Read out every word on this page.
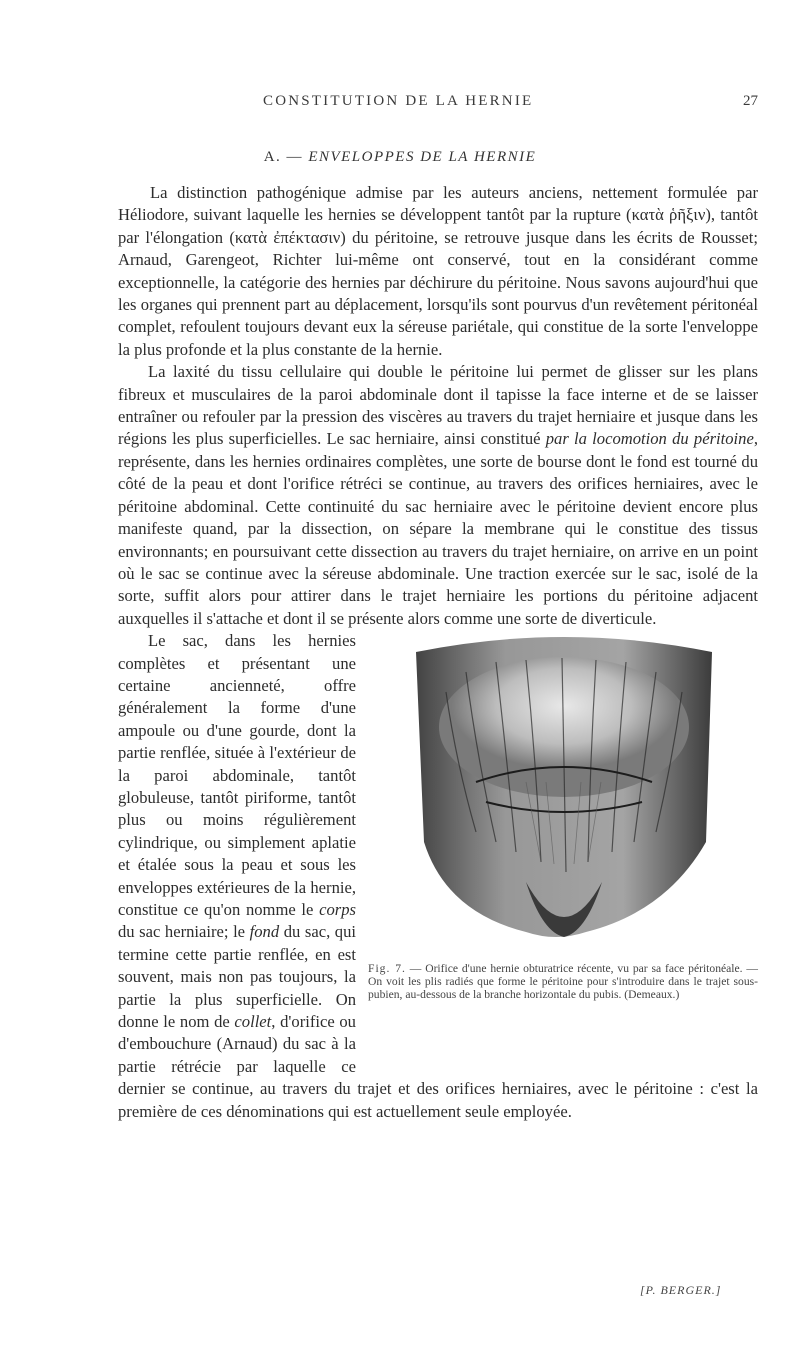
CONSTITUTION DE LA HERNIE	27
A. — ENVELOPPES DE LA HERNIE

La distinction pathogénique admise par les auteurs anciens, nettement formulée par Héliodore, suivant laquelle les hernies se développent tantôt par la rupture (κατὰ ῥῆξιν), tantôt par l'élongation (κατὰ ἐπέκτασιν) du péritoine, se retrouve jusque dans les écrits de Rousset; Arnaud, Garengeot, Richter lui-même ont conservé, tout en la considérant comme exceptionnelle, la catégorie des hernies par déchirure du péritoine. Nous savons aujourd'hui que les organes qui prennent part au déplacement, lorsqu'ils sont pourvus d'un revêtement péritonéal complet, refoulent toujours devant eux la séreuse pariétale, qui constitue de la sorte l'enveloppe la plus profonde et la plus constante de la hernie.

La laxité du tissu cellulaire qui double le péritoine lui permet de glisser sur les plans fibreux et musculaires de la paroi abdominale dont il tapisse la face interne et de se laisser entraîner ou refouler par la pression des viscères au travers du trajet herniaire et jusque dans les régions les plus superficielles. Le sac herniaire, ainsi constitué par la locomotion du péritoine, représente, dans les hernies ordinaires complètes, une sorte de bourse dont le fond est tourné du côté de la peau et dont l'orifice rétréci se continue, au travers des orifices herniaires, avec le péritoine abdominal. Cette continuité du sac herniaire avec le péritoine devient encore plus manifeste quand, par la dissection, on sépare la membrane qui le constitue des tissus environnants; en poursuivant cette dissection au travers du trajet herniaire, on arrive en un point où le sac se continue avec la séreuse abdominale. Une traction exercée sur le sac, isolé de la sorte, suffit alors pour attirer dans le trajet herniaire les portions du péritoine adjacent auxquelles il s'attache et dont il se présente alors comme une sorte de diverticule.

Fig. 7. — Orifice d'une hernie obturatrice récente, vu par sa face péritonéale. — On voit les plis radiés que forme le péritoine pour s'introduire dans le trajet sous-pubien, au-dessous de la branche horizontale du pubis. (Demeaux.)

Le sac, dans les hernies complètes et présentant une certaine ancienneté, offre généralement la forme d'une ampoule ou d'une gourde, dont la partie renflée, située à l'extérieur de la paroi abdominale, tantôt globuleuse, tantôt piriforme, tantôt plus ou moins régulièrement cylindrique, ou simplement aplatie et étalée sous la peau et sous les enveloppes extérieures de la hernie, constitue ce qu'on nomme le corps du sac herniaire; le fond du sac, qui termine cette partie renflée, en est souvent, mais non pas toujours, la partie la plus superficielle. On donne le nom de collet, d'orifice ou d'embouchure (Arnaud) du sac à la partie rétrécie par laquelle ce dernier se continue, au travers du trajet et des orifices herniaires, avec le péritoine : c'est la première de ces dénominations qui est actuellement seule employée.

[P. BERGER.]
